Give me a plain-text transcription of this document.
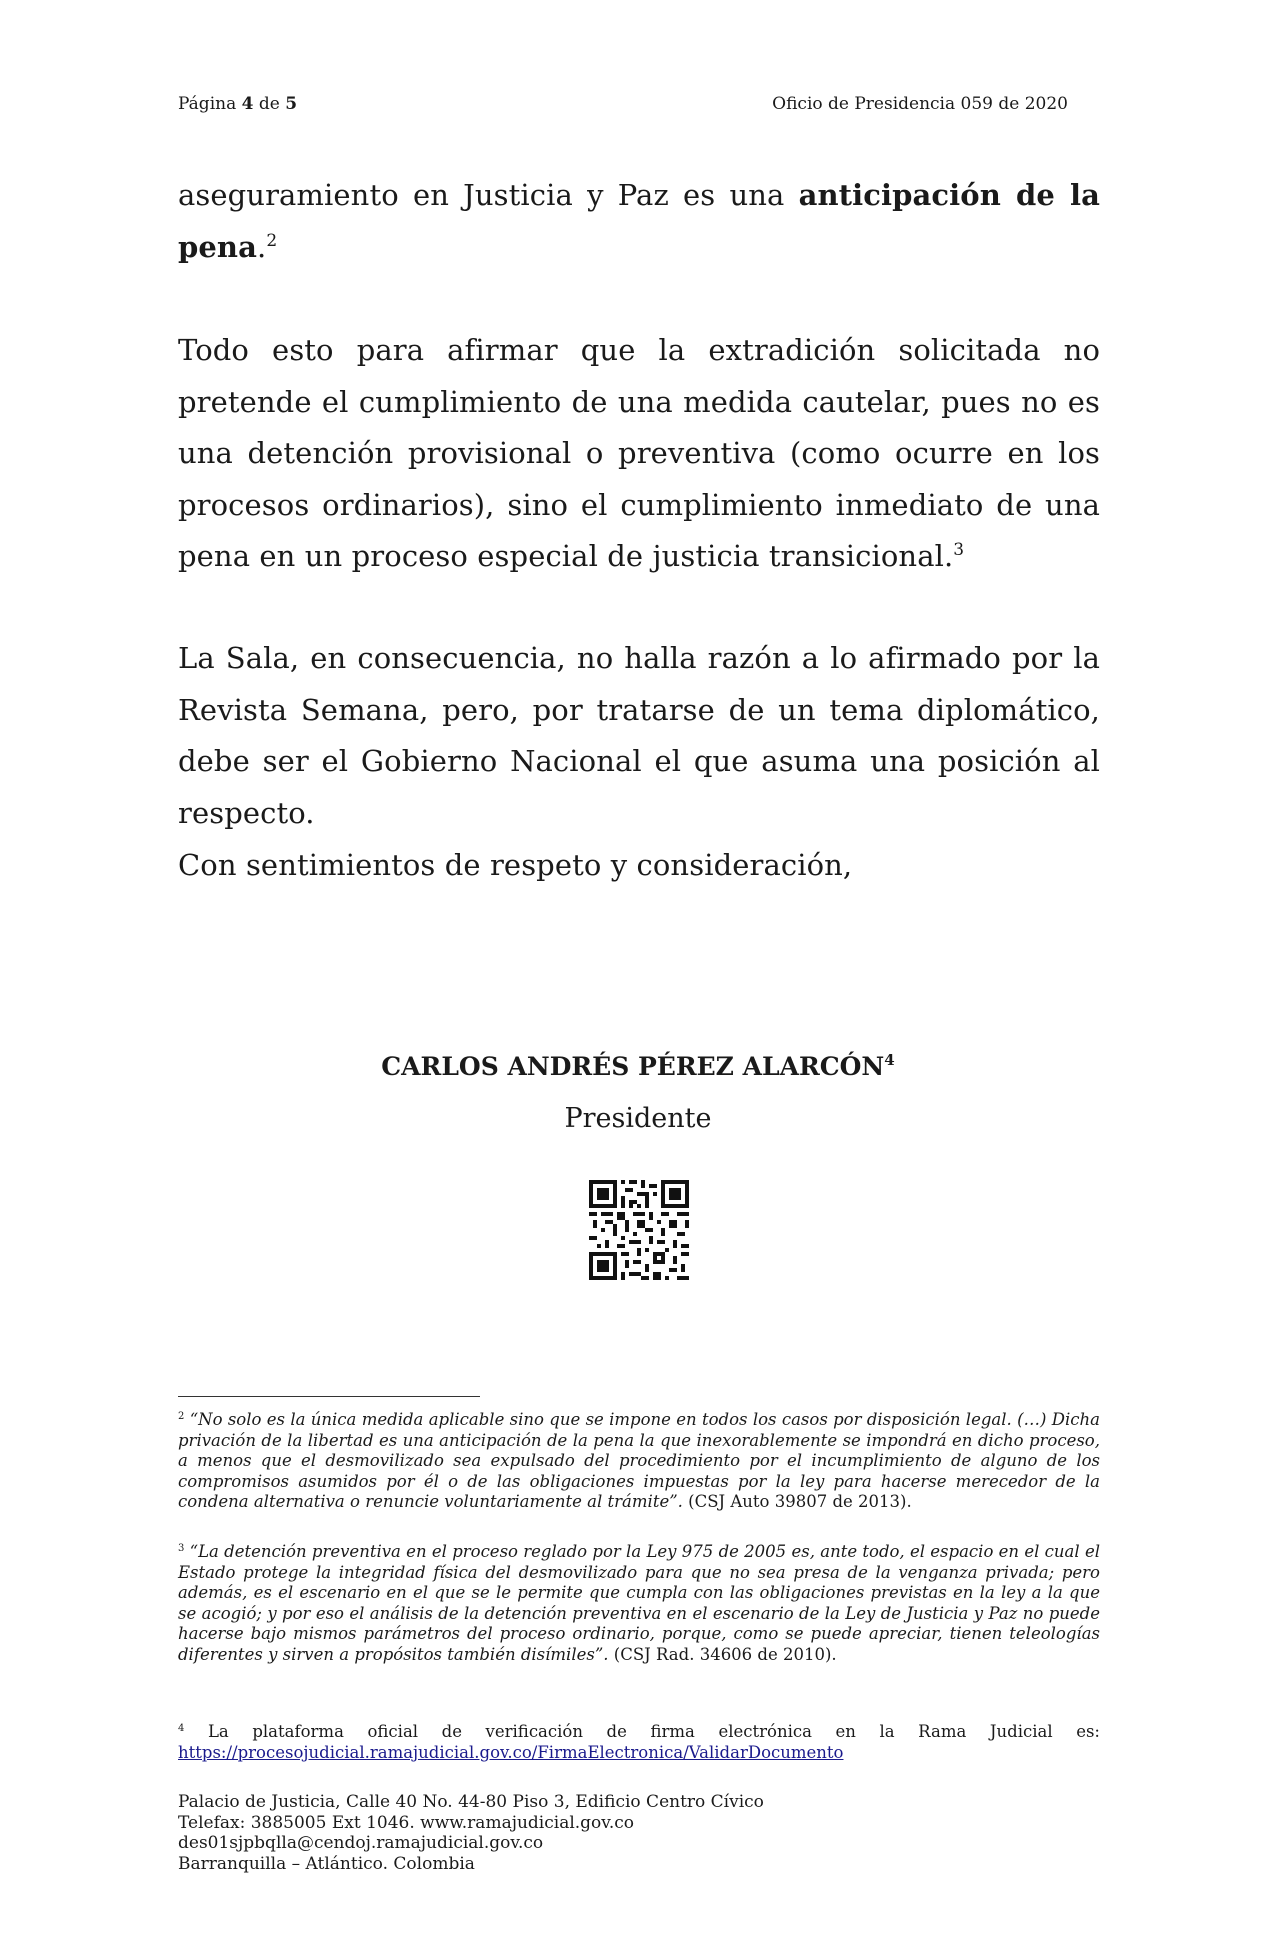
Página 4 de 5	Oficio de Presidencia 059 de 2020
aseguramiento en Justicia y Paz es una anticipación de la pena.$^2$
Todo esto para afirmar que la extradición solicitada no pretende el cumplimiento de una medida cautelar, pues no es una detención provisional o preventiva (como ocurre en los procesos ordinarios), sino el cumplimiento inmediato de una pena en un proceso especial de justicia transicional.$^3$
La Sala, en consecuencia, no halla razón a lo afirmado por la Revista Semana, pero, por tratarse de un tema diplomático, debe ser el Gobierno Nacional el que asuma una posición al respecto.
Con sentimientos de respeto y consideración,
CARLOS ANDRÉS PÉREZ ALARCÓN$^4$
Presidente
$^2$ “No solo es la única medida aplicable sino que se impone en todos los casos por disposición legal. (…) Dicha privación de la libertad es una anticipación de la pena la que inexorablemente se impondrá en dicho proceso, a menos que el desmovilizado sea expulsado del procedimiento por el incumplimiento de alguno de los compromisos asumidos por él o de las obligaciones impuestas por la ley para hacerse merecedor de la condena alternativa o renuncie voluntariamente al trámite”. (CSJ Auto 39807 de 2013).
$^3$ “La detención preventiva en el proceso reglado por la Ley 975 de 2005 es, ante todo, el espacio en el cual el Estado protege la integridad física del desmovilizado para que no sea presa de la venganza privada; pero además, es el escenario en el que se le permite que cumpla con las obligaciones previstas en la ley a la que se acogió; y por eso el análisis de la detención preventiva en el escenario de la Ley de Justicia y Paz no puede hacerse bajo mismos parámetros del proceso ordinario, porque, como se puede apreciar, tienen teleologías diferentes y sirven a propósitos también disímiles”. (CSJ Rad. 34606 de 2010).
$^4$ La plataforma oficial de verificación de firma electrónica en la Rama Judicial es: https://procesojudicial.ramajudicial.gov.co/FirmaElectronica/ValidarDocumento
Palacio de Justicia, Calle 40 No. 44-80 Piso 3, Edificio Centro Cívico
Telefax: 3885005 Ext 1046. www.ramajudicial.gov.co
des01sjpbqlla@cendoj.ramajudicial.gov.co
Barranquilla – Atlántico. Colombia
